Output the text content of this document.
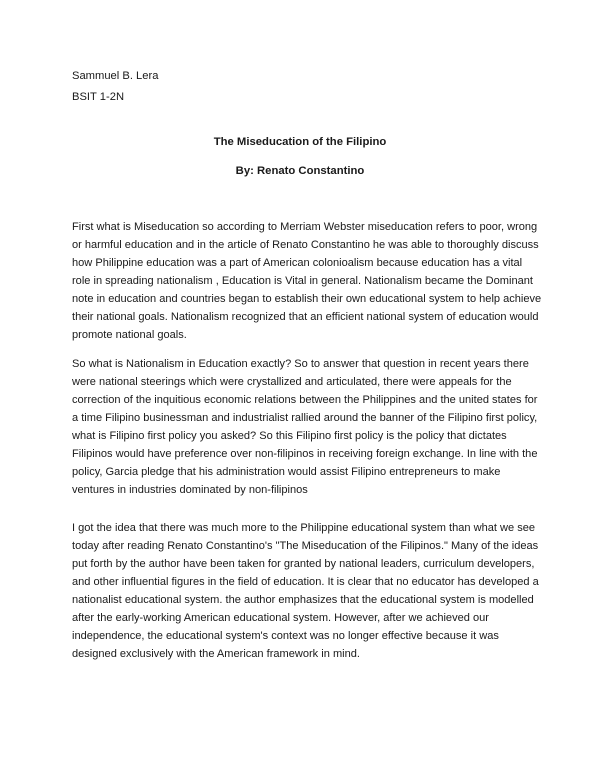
Sammuel B. Lera
BSIT 1-2N
The Miseducation of the Filipino
By: Renato Constantino
First what is Miseducation so according to Merriam Webster miseducation refers to poor, wrong
or harmful education and in the article of Renato Constantino he was able to thoroughly discuss
how Philippine education was a part of American colonioalism because education has a vital
role in spreading nationalism , Education is Vital in general. Nationalism became the Dominant
note in education and countries began to establish their own educational system to help achieve
their national goals. Nationalism recognized that an efficient national system of education would
promote national goals.
So what is Nationalism in Education exactly? So to answer that question in recent years there
were national steerings which were crystallized and articulated, there were appeals for the
correction of the inquitious economic relations between the Philippines and the united states for
a time Filipino businessman and industrialist rallied around the banner of the Filipino first policy,
what is Filipino first policy you asked? So this Filipino first policy is the policy that dictates
Filipinos would have preference over non-filipinos in receiving foreign exchange. In line with the
policy, Garcia pledge that his administration would assist Filipino entrepreneurs to make
ventures in industries dominated by non-filipinos
I got the idea that there was much more to the Philippine educational system than what we see
today after reading Renato Constantino's "The Miseducation of the Filipinos." Many of the ideas
put forth by the author have been taken for granted by national leaders, curriculum developers,
and other influential figures in the field of education. It is clear that no educator has developed a
nationalist educational system. the author emphasizes that the educational system is modelled
after the early-working American educational system. However, after we achieved our
independence, the educational system's context was no longer effective because it was
designed exclusively with the American framework in mind.
